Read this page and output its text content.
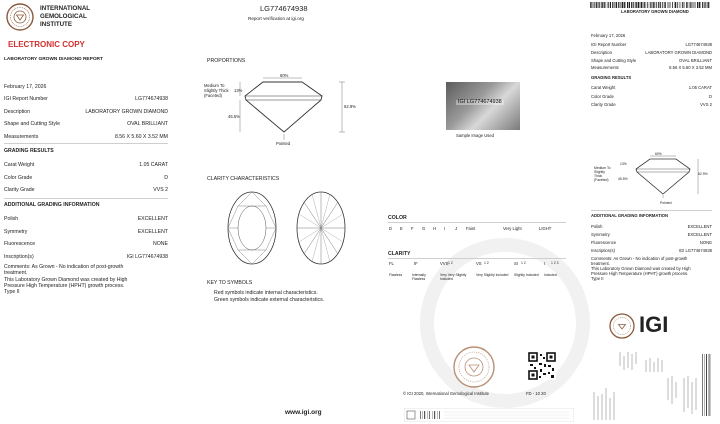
INTERNATIONAL
GEMOLOGICAL
INSTITUTE
ELECTRONIC COPY
LABORATORY GROWN DIAMOND REPORT
February 17, 2026
IGI Report Number	LG774674938
Description	LABORATORY GROWN DIAMOND
Shape and Cutting Style	OVAL BRILLIANT
Measurements	8.56 X 5.60 X 3.52 MM
GRADING RESULTS
Carat Weight	1.05 CARAT
Color Grade	D
Clarity Grade	VVS 2
ADDITIONAL GRADING INFORMATION
Polish	EXCELLENT
Symmetry	EXCELLENT
Fluorescence	NONE
Inscription(s)	IGI LG774674938
Comments: As Grown - No indication of post-growth
treatment.
This Laboratory Grown Diamond was created by High
Pressure High Temperature (HPHT) growth process.
Type II
LG774674938
Report verification at igi.org
PROPORTIONS
60%
62.9%
13%
45.5%
Medium To
Slightly Thick
(Faceted)
Pointed
IGI LG774674938
Sample Image Used
CLARITY CHARACTERISTICS
KEY TO SYMBOLS
Red symbols indicate internal characteristics.
Green symbols indicate external characteristics.
www.igi.org
COLOR
D E F G H I J Faint	Very Light	LIGHT
CLARITY
FL	IF	VVS	VS	SI	I
1 2	1 2	1 2	1 2 3
Flawless	Internally Flawless
Very Very Slightly Included
Very Slightly Included	Slightly Included	Included
© IGI 2020, International Gemological Institute	FD - 10 20
LABORATORY GROWN DIAMOND
February 17, 2026
IGI Report Number	LG774674938
Description	LABORATORY GROWN DIAMOND
Shape and Cutting Style	OVAL BRILLIANT
Measurements	8.56 X 5.60 X 3.52 MM
GRADING RESULTS
Carat Weight	1.05 CARAT
Color Grade	D
Clarity Grade	VVS 2
ADDITIONAL GRADING INFORMATION
Polish	EXCELLENT
Symmetry	EXCELLENT
Fluorescence	NONE
Inscription(s)	IGI LG774674938
Comments: As Grown - No indication of post-growth
treatment.
This Laboratory Grown Diamond was created by High
Pressure High Temperature (HPHT) growth process.
Type II
60%
62.9%
13%
45.5%
Medium To
Slightly
Thick
(Faceted)
Pointed
IGI
